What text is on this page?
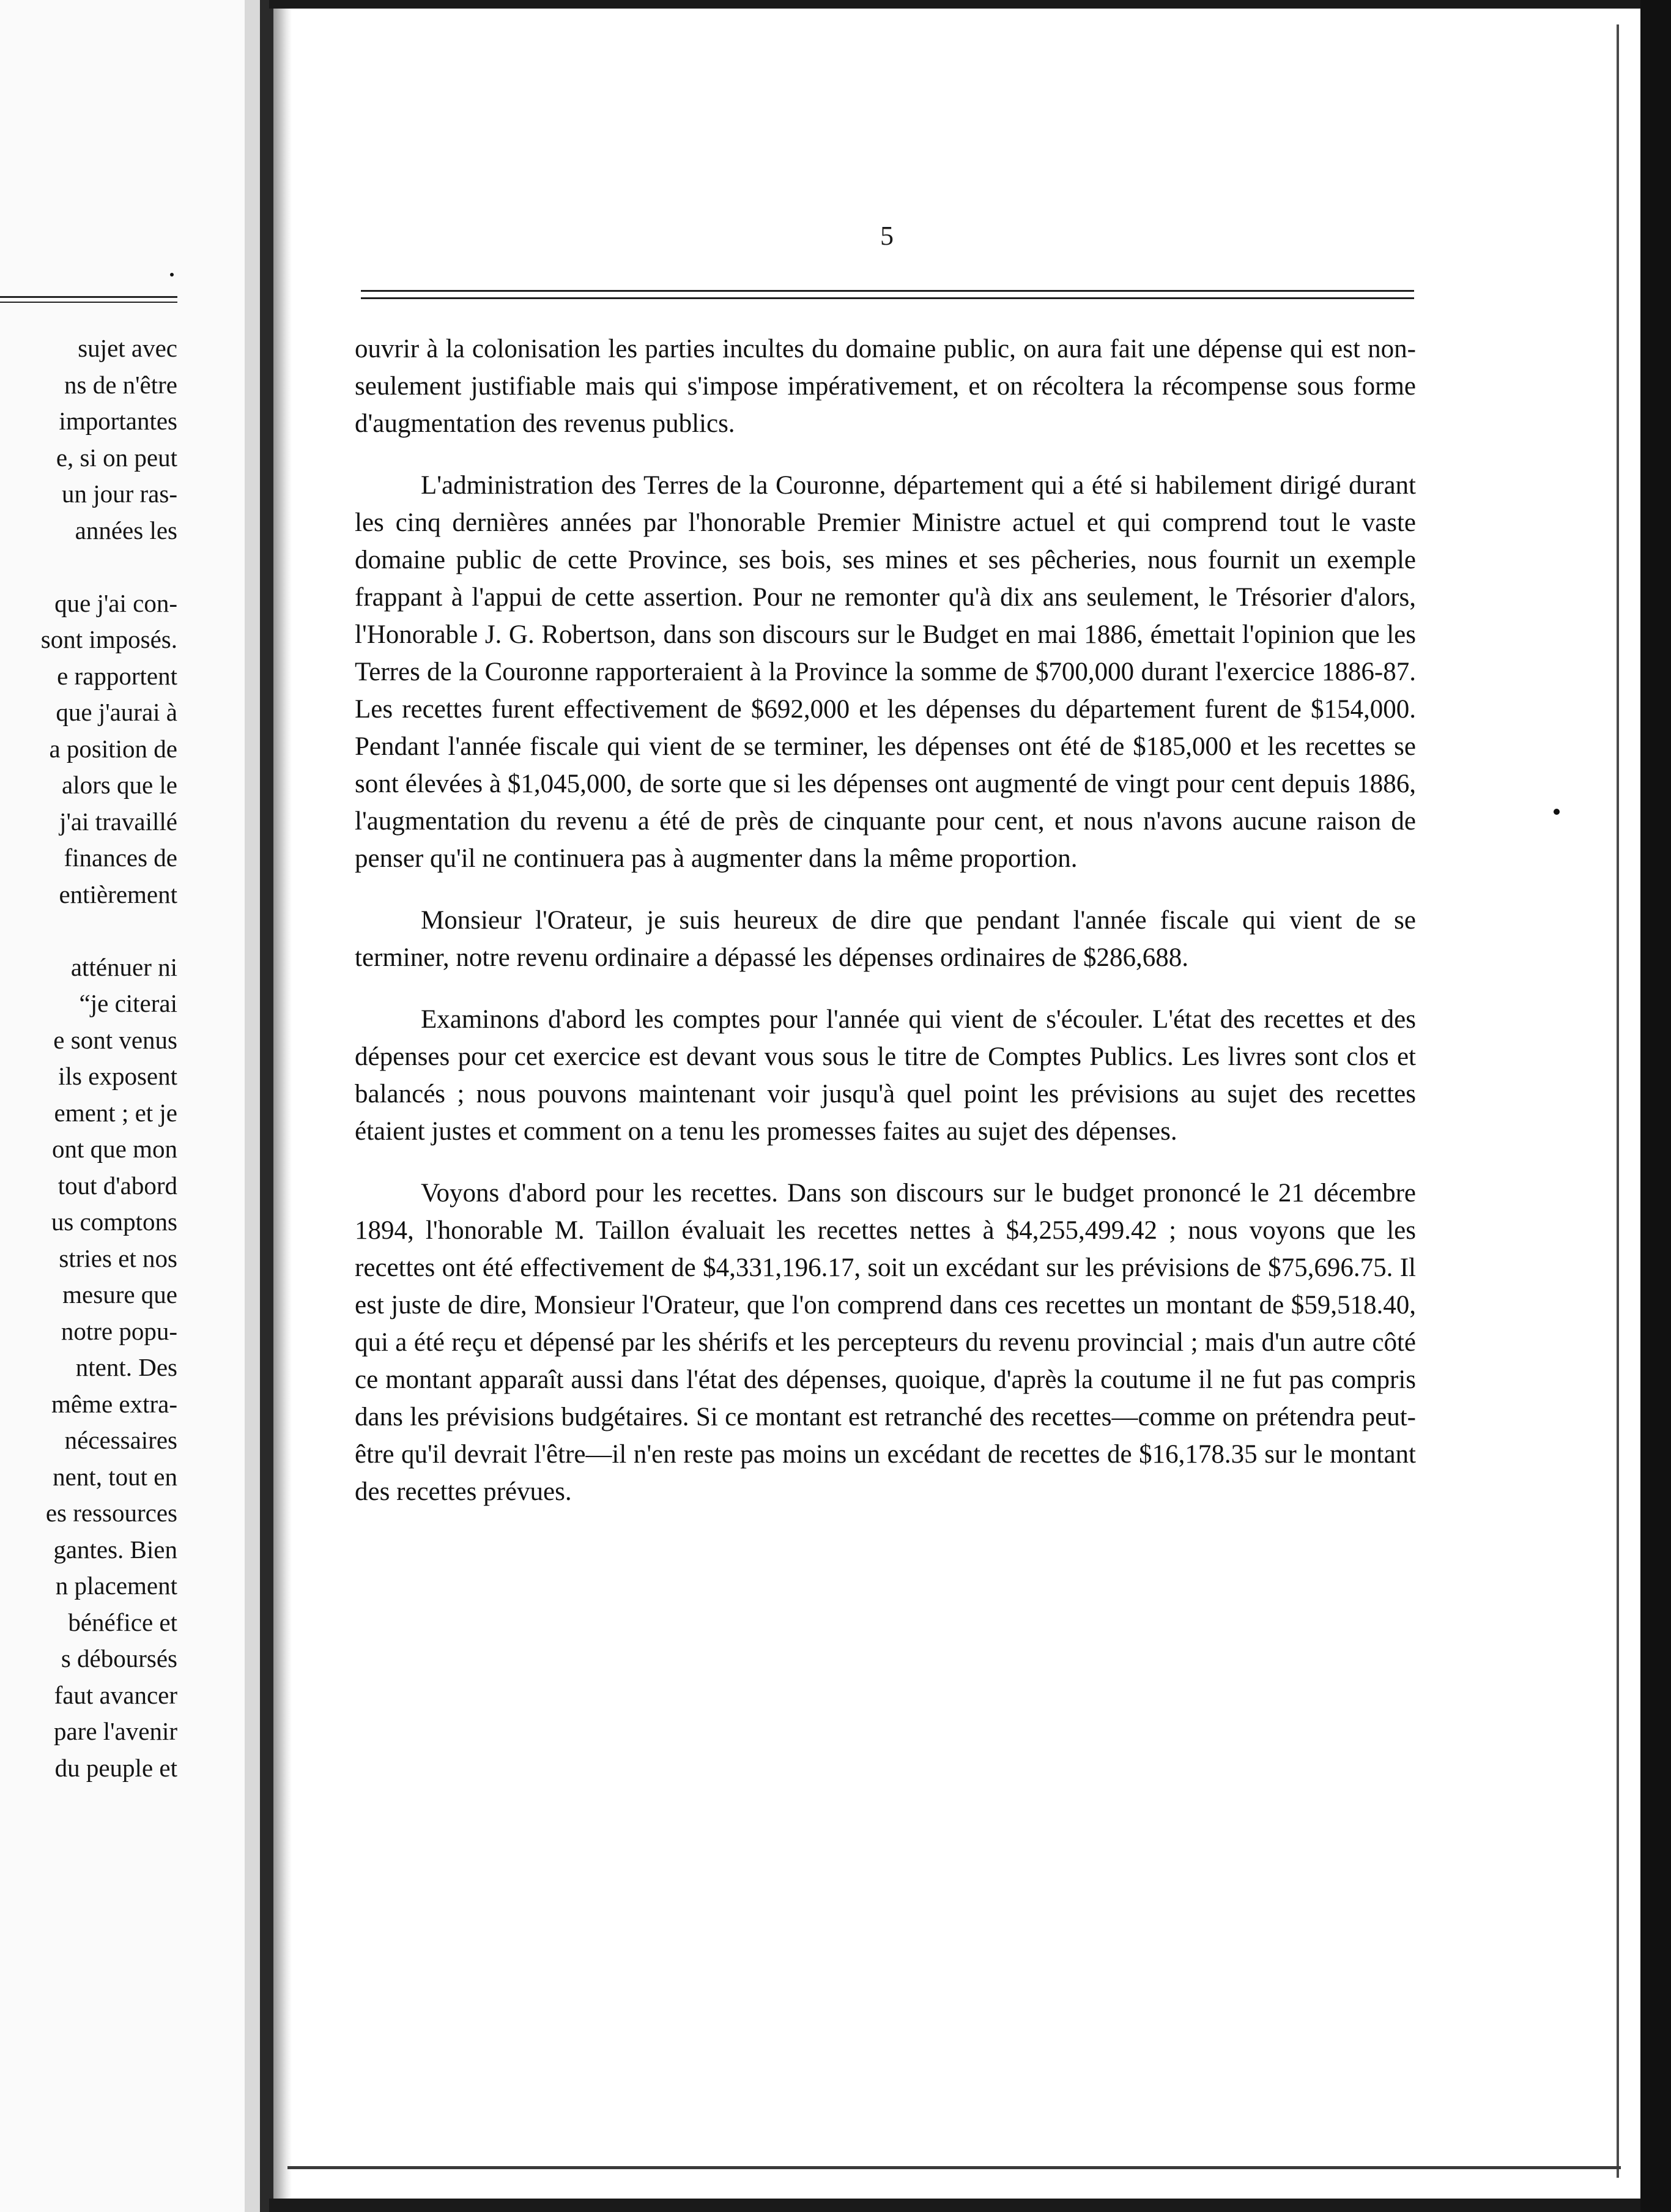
sujet avec
ns de n'être
importantes
e, si on peut
un jour ras-
années les
que j'ai con-
sont imposés.
e rapportent
que j'aurai à
a position de
alors que le
j'ai travaillé
finances de
entièrement
atténuer ni
“je citerai
e sont venus
ils exposent
ement ; et je
ont que mon
tout d'abord
us comptons
stries et nos
mesure que
notre popu-
ntent. Des
même extra-
nécessaires
nent, tout en
es ressources
gantes. Bien
n placement
bénéfice et
s déboursés
faut avancer
pare l'avenir
du peuple et
5

ouvrir à la colonisation les parties incultes du domaine public, on aura fait une dépense qui est non-seulement justifiable mais qui s'impose impérativement, et on récoltera la récompense sous forme d'augmentation des revenus publics.

L'administration des Terres de la Couronne, département qui a été si habilement dirigé durant les cinq dernières années par l'honorable Premier Ministre actuel et qui comprend tout le vaste domaine public de cette Province, ses bois, ses mines et ses pêcheries, nous fournit un exemple frappant à l'appui de cette assertion. Pour ne remonter qu'à dix ans seulement, le Trésorier d'alors, l'Honorable J. G. Robertson, dans son discours sur le Budget en mai 1886, émettait l'opinion que les Terres de la Couronne rapporteraient à la Province la somme de $700,000 durant l'exercice 1886-87. Les recettes furent effectivement de $692,000 et les dépenses du département furent de $154,000. Pendant l'année fiscale qui vient de se terminer, les dépenses ont été de $185,000 et les recettes se sont élevées à $1,045,000, de sorte que si les dépenses ont augmenté de vingt pour cent depuis 1886, l'augmentation du revenu a été de près de cinquante pour cent, et nous n'avons aucune raison de penser qu'il ne continuera pas à augmenter dans la même proportion.

Monsieur l'Orateur, je suis heureux de dire que pendant l'année fiscale qui vient de se terminer, notre revenu ordinaire a dépassé les dépenses ordinaires de $286,688.

Examinons d'abord les comptes pour l'année qui vient de s'écouler. L'état des recettes et des dépenses pour cet exercice est devant vous sous le titre de Comptes Publics. Les livres sont clos et balancés ; nous pouvons maintenant voir jusqu'à quel point les prévisions au sujet des recettes étaient justes et comment on a tenu les promesses faites au sujet des dépenses.

Voyons d'abord pour les recettes. Dans son discours sur le budget prononcé le 21 décembre 1894, l'honorable M. Taillon évaluait les recettes nettes à $4,255,499.42 ; nous voyons que les recettes ont été effectivement de $4,331,196.17, soit un excédant sur les prévisions de $75,696.75. Il est juste de dire, Monsieur l'Orateur, que l'on comprend dans ces recettes un montant de $59,518.40, qui a été reçu et dépensé par les shérifs et les percepteurs du revenu provincial ; mais d'un autre côté ce montant apparaît aussi dans l'état des dépenses, quoique, d'après la coutume il ne fut pas compris dans les prévisions budgétaires. Si ce montant est retranché des recettes—comme on prétendra peut-être qu'il devrait l'être—il n'en reste pas moins un excédant de recettes de $16,178.35 sur le montant des recettes prévues.
